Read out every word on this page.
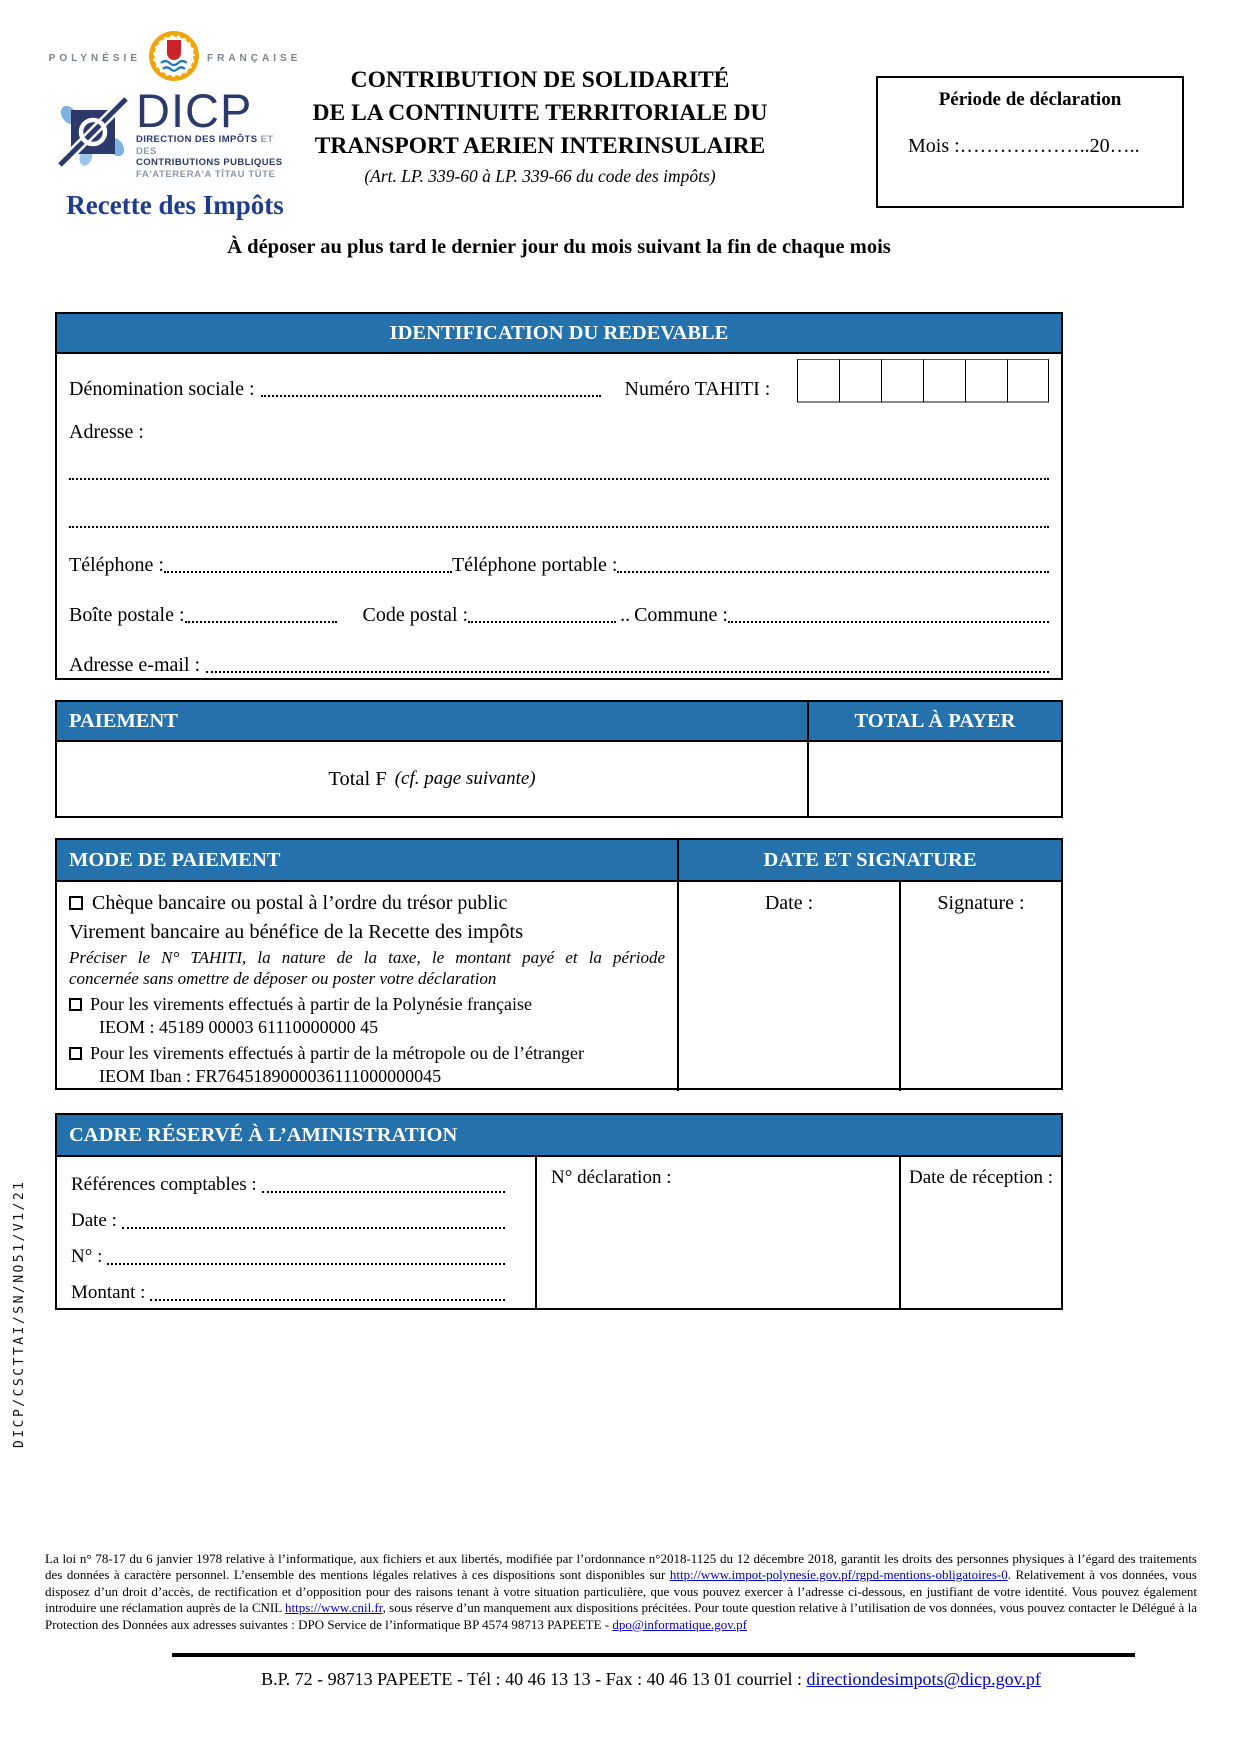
POLYNÉSIE	FRANÇAISE
DICP
DIRECTION DES IMPÔTS ET DES
CONTRIBUTIONS PUBLIQUES
FA'ATERERA'A TĪTAU TŪTE
Recette des Impôts
CONTRIBUTION DE SOLIDARITÉ
DE LA CONTINUITE TERRITORIALE DU
TRANSPORT AERIEN INTERINSULAIRE
(Art. LP. 339-60 à LP. 339-66 du code des impôts)
Période de déclaration
Mois :………………..20…..
À déposer au plus tard le dernier jour du mois suivant la fin de chaque mois
IDENTIFICATION DU REDEVABLE
Dénomination sociale :	Numéro TAHITI :
Adresse :
Téléphone :	Téléphone portable :
Boîte postale :	Code postal :	.. Commune :
Adresse e-mail :
PAIEMENT	TOTAL À PAYER
Total F (cf. page suivante)
MODE DE PAIEMENT	DATE ET SIGNATURE
Chèque bancaire ou postal à l’ordre du trésor public
Virement bancaire au bénéfice de la Recette des impôts
Préciser le N° TAHITI, la nature de la taxe, le montant payé et la période
concernée sans omettre de déposer ou poster votre déclaration
Pour les virements effectués à partir de la Polynésie française
IEOM : 45189 00003 61110000000 45
Pour les virements effectués à partir de la métropole ou de l’étranger
IEOM Iban : FR7645189000036111000000045
Date :	Signature :
CADRE RÉSERVÉ À L’AMINISTRATION
Références comptables :
Date :
N° :
Montant :
N° déclaration :	Date de réception :
DICP/CSCTTAI/SN/NO51/V1/21
La loi n° 78-17 du 6 janvier 1978 relative à l’informatique, aux fichiers et aux libertés, modifiée par l’ordonnance n°2018-1125 du 12 décembre 2018, garantit les droits des personnes physiques à l’égard des traitements des données à caractère personnel. L’ensemble des mentions légales relatives à ces dispositions sont disponibles sur http://www.impot-polynesie.gov.pf/rgpd-mentions-obligatoires-0. Relativement à vos données, vous disposez d’un droit d’accès, de rectification et d’opposition pour des raisons tenant à votre situation particulière, que vous pouvez exercer à l’adresse ci-dessous, en justifiant de votre identité. Vous pouvez également introduire une réclamation auprès de la CNIL https://www.cnil.fr, sous réserve d’un manquement aux dispositions précitées. Pour toute question relative à l’utilisation de vos données, vous pouvez contacter le Délégué à la Protection des Données aux adresses suivantes : DPO Service de l’informatique BP 4574 98713 PAPEETE - dpo@informatique.gov.pf
B.P. 72 - 98713 PAPEETE - Tél : 40 46 13 13 - Fax : 40 46 13 01 courriel : directiondesimpots@dicp.gov.pf
